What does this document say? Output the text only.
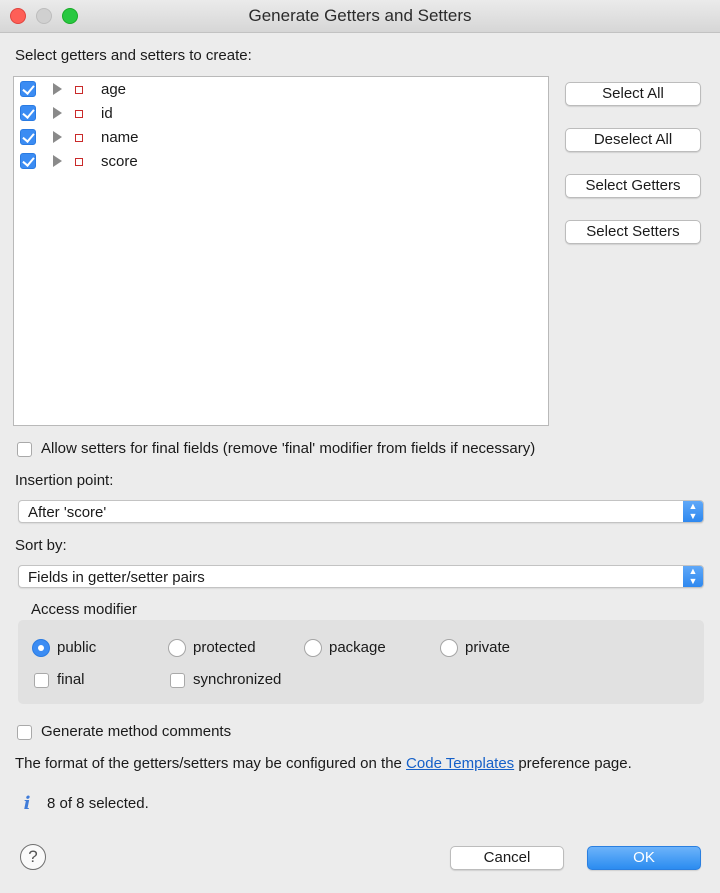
Generate Getters and Setters
Select getters and setters to create:
age
id
name
score
Select All
Deselect All
Select Getters
Select Setters
Allow setters for final fields (remove 'final' modifier from fields if necessary)
Insertion point:
After 'score'	▲
▼
Sort by:
Fields in getter/setter pairs	▲
▼
Access modifier
public	protected	package	private
final	synchronized
Generate method comments
The format of the getters/setters may be configured on the Code Templates preference page.
i 8 of 8 selected.
?	Cancel	OK
